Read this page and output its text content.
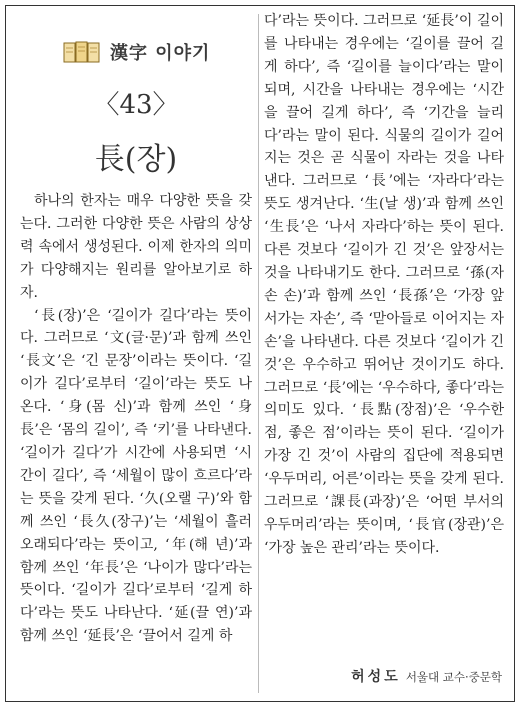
漢字 이야기
〈43〉
長(장)

하나의 한자는 매우 다양한 뜻을 갖는다. 그러한 다양한 뜻은 사람의 상상력 속에서 생성된다. 이제 한자의 의미가 다양해지는 원리를 알아보기로 하자.

‘長(장)’은 ‘길이가 길다’라는 뜻이다. 그러므로 ‘文(글·문)’과 함께 쓰인 ‘長文’은 ‘긴 문장’이라는 뜻이다. ‘길이가 길다’로부터 ‘길이’라는 뜻도 나온다. ‘身(몸 신)’과 함께 쓰인 ‘身長’은 ‘몸의 길이’, 즉 ‘키’를 나타낸다. ‘길이가 길다’가 시간에 사용되면 ‘시간이 길다’, 즉 ‘세월이 많이 흐르다’라는 뜻을 갖게 된다. ‘久(오랠 구)’와 함께 쓰인 ‘長久(장구)’는 ‘세월이 흘러 오래되다’라는 뜻이고, ‘年(해 년)’과 함께 쓰인 ‘年長’은 ‘나이가 많다’라는 뜻이다. ‘길이가 길다’로부터 ‘길게 하다’라는 뜻도 나타난다. ‘延(끌 연)’과 함께 쓰인 ‘延長’은 ‘끌어서 길게 하

다’라는 뜻이다. 그러므로 ‘延長’이 길이를 나타내는 경우에는 ‘길이를 끌어 길게 하다’, 즉 ‘길이를 늘이다’라는 말이 되며, 시간을 나타내는 경우에는 ‘시간을 끌어 길게 하다’, 즉 ‘기간을 늘리다’라는 말이 된다. 식물의 길이가 길어지는 것은 곧 식물이 자라는 것을 나타낸다. 그러므로 ‘長’에는 ‘자라다’라는 뜻도 생겨난다. ‘生(날 생)’과 함께 쓰인 ‘生長’은 ‘나서 자라다’하는 뜻이 된다. 다른 것보다 ‘길이가 긴 것’은 앞장서는 것을 나타내기도 한다. 그러므로 ‘孫(자손 손)’과 함께 쓰인 ‘長孫’은 ‘가장 앞서가는 자손’, 즉 ‘맏아들로 이어지는 자손’을 나타낸다. 다른 것보다 ‘길이가 긴 것’은 우수하고 뛰어난 것이기도 하다. 그러므로 ‘長’에는 ‘우수하다, 좋다’라는 의미도 있다. ‘長點(장점)’은 ‘우수한 점, 좋은 점’이라는 뜻이 된다. ‘길이가 가장 긴 것’이 사람의 집단에 적용되면 ‘우두머리, 어른’이라는 뜻을 갖게 된다. 그러므로 ‘課長(과장)’은 ‘어떤 부서의 우두머리’라는 뜻이며, ‘長官(장관)’은 ‘가장 높은 관리’라는 뜻이다.

허성도 서울대 교수·중문학
